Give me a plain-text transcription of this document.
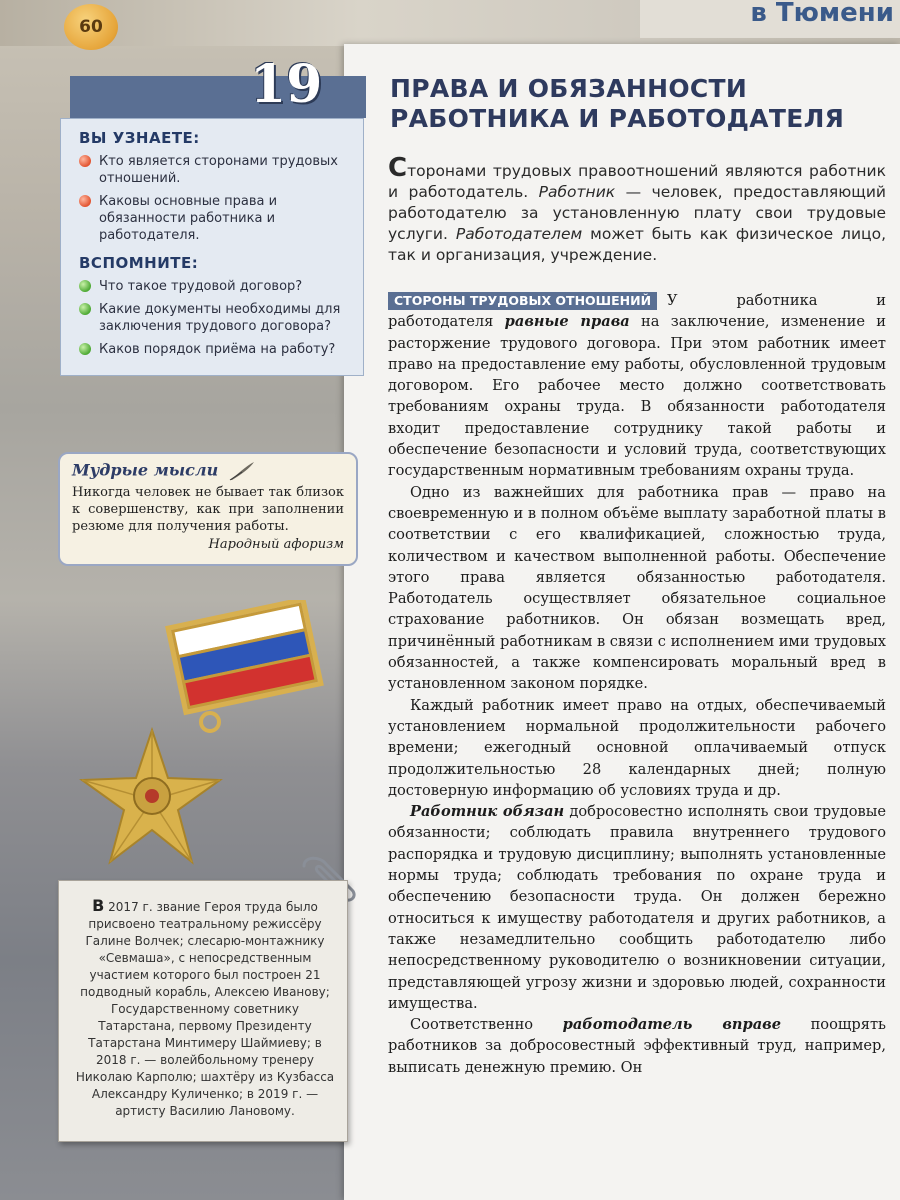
в Тюмени
60
19
ВЫ УЗНАЕТЕ:
Кто является сторонами трудовых отношений.
Каковы основные права и обязанности работника и работодателя.
ВСПОМНИТЕ:
Что такое трудовой договор?
Какие документы необходимы для заключения трудового договора?
Каков порядок приёма на работу?
Мудрые мысли
Никогда человек не бывает так близок к совершенству, как при заполнении резюме для получения работы.
Народный афоризм

В 2017 г. звание Героя труда было присвоено театральному режиссёру Галине Волчек; слесарю-монтажнику «Севмаша», с непосредственным участием которого был построен 21 подводный корабль, Алексею Иванову; Государственному советнику Татарстана, первому Президенту Татарстана Минтимеру Шаймиеву; в 2018 г. — волейбольному тренеру Николаю Карполю; шахтёру из Кузбасса Александру Куличенко; в 2019 г. — артисту Василию Лановому.

ПРАВА И ОБЯЗАННОСТИ РАБОТНИКА И РАБОТОДАТЕЛЯ
Сторонами трудовых правоотношений являются работник и работодатель. Работник — человек, предоставляющий работодателю за установленную плату свои трудовые услуги. Работодателем может быть как физическое лицо, так и организация, учреждение.

СТОРОНЫ ТРУДОВЫХ ОТНОШЕНИЙ У работника и работодателя равные права на заключение, изменение и расторжение трудового договора. При этом работник имеет право на предоставление ему работы, обусловленной трудовым договором. Его рабочее место должно соответствовать требованиям охраны труда. В обязанности работодателя входит предоставление сотруднику такой работы и обеспечение безопасности и условий труда, соответствующих государственным нормативным требованиям охраны труда.

Одно из важнейших для работника прав — право на своевременную и в полном объёме выплату заработной платы в соответствии с его квалификацией, сложностью труда, количеством и качеством выполненной работы. Обеспечение этого права является обязанностью работодателя. Работодатель осуществляет обязательное социальное страхование работников. Он обязан возмещать вред, причинённый работникам в связи с исполнением ими трудовых обязанностей, а также компенсировать моральный вред в установленном законом порядке.

Каждый работник имеет право на отдых, обеспечиваемый установлением нормальной продолжительности рабочего времени; ежегодный основной оплачиваемый отпуск продолжительностью 28 календарных дней; полную достоверную информацию об условиях труда и др.

Работник обязан добросовестно исполнять свои трудовые обязанности; соблюдать правила внутреннего трудового распорядка и трудовую дисциплину; выполнять установленные нормы труда; соблюдать требования по охране труда и обеспечению безопасности труда. Он должен бережно относиться к имуществу работодателя и других работников, а также незамедлительно сообщить работодателю либо непосредственному руководителю о возникновении ситуации, представляющей угрозу жизни и здоровью людей, сохранности имущества.

Соответственно работодатель вправе поощрять работников за добросовестный эффективный труд, например, выписать денежную премию. Он
